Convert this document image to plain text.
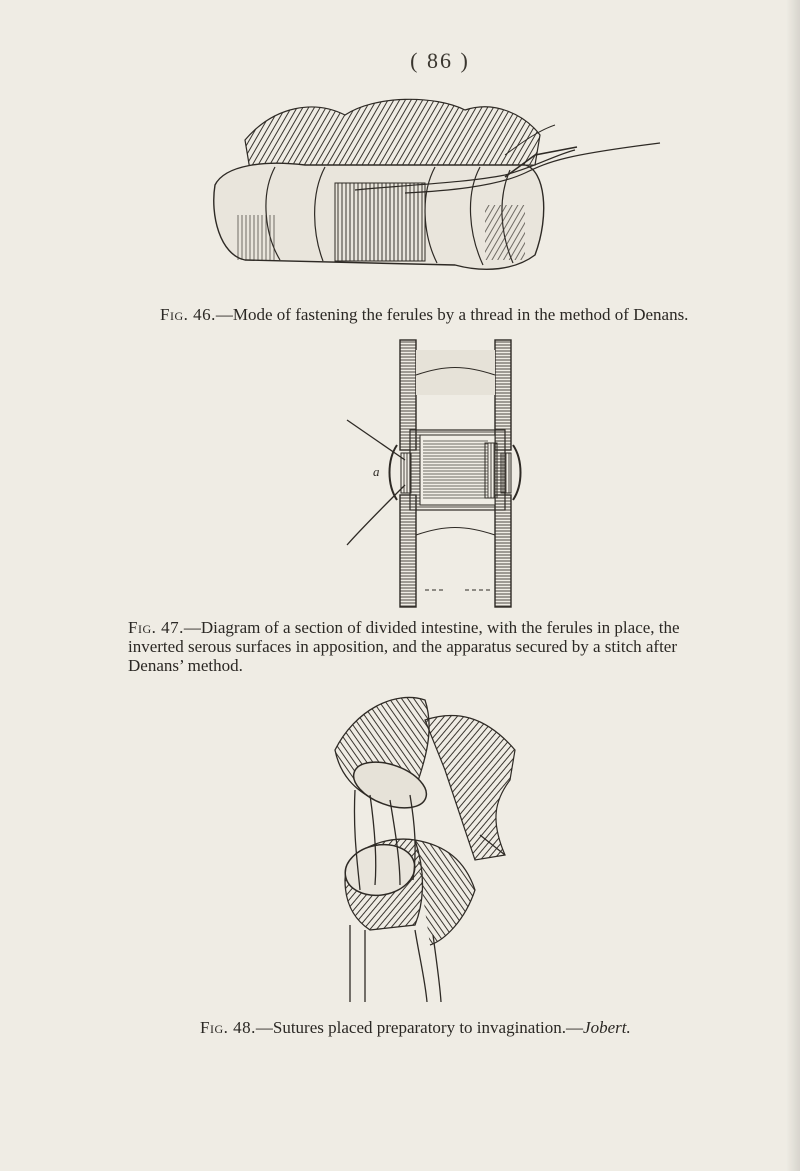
( 86 )
Fig. 46.—Mode of fastening the ferules by a thread in the method of Denans.
a
Fig. 47.—Diagram of a section of divided intestine, with the ferules in place, the inverted serous surfaces in apposition, and the apparatus secured by a stitch after Denans’ method.
Fig. 48.—Sutures placed preparatory to invagination.—Jobert.
